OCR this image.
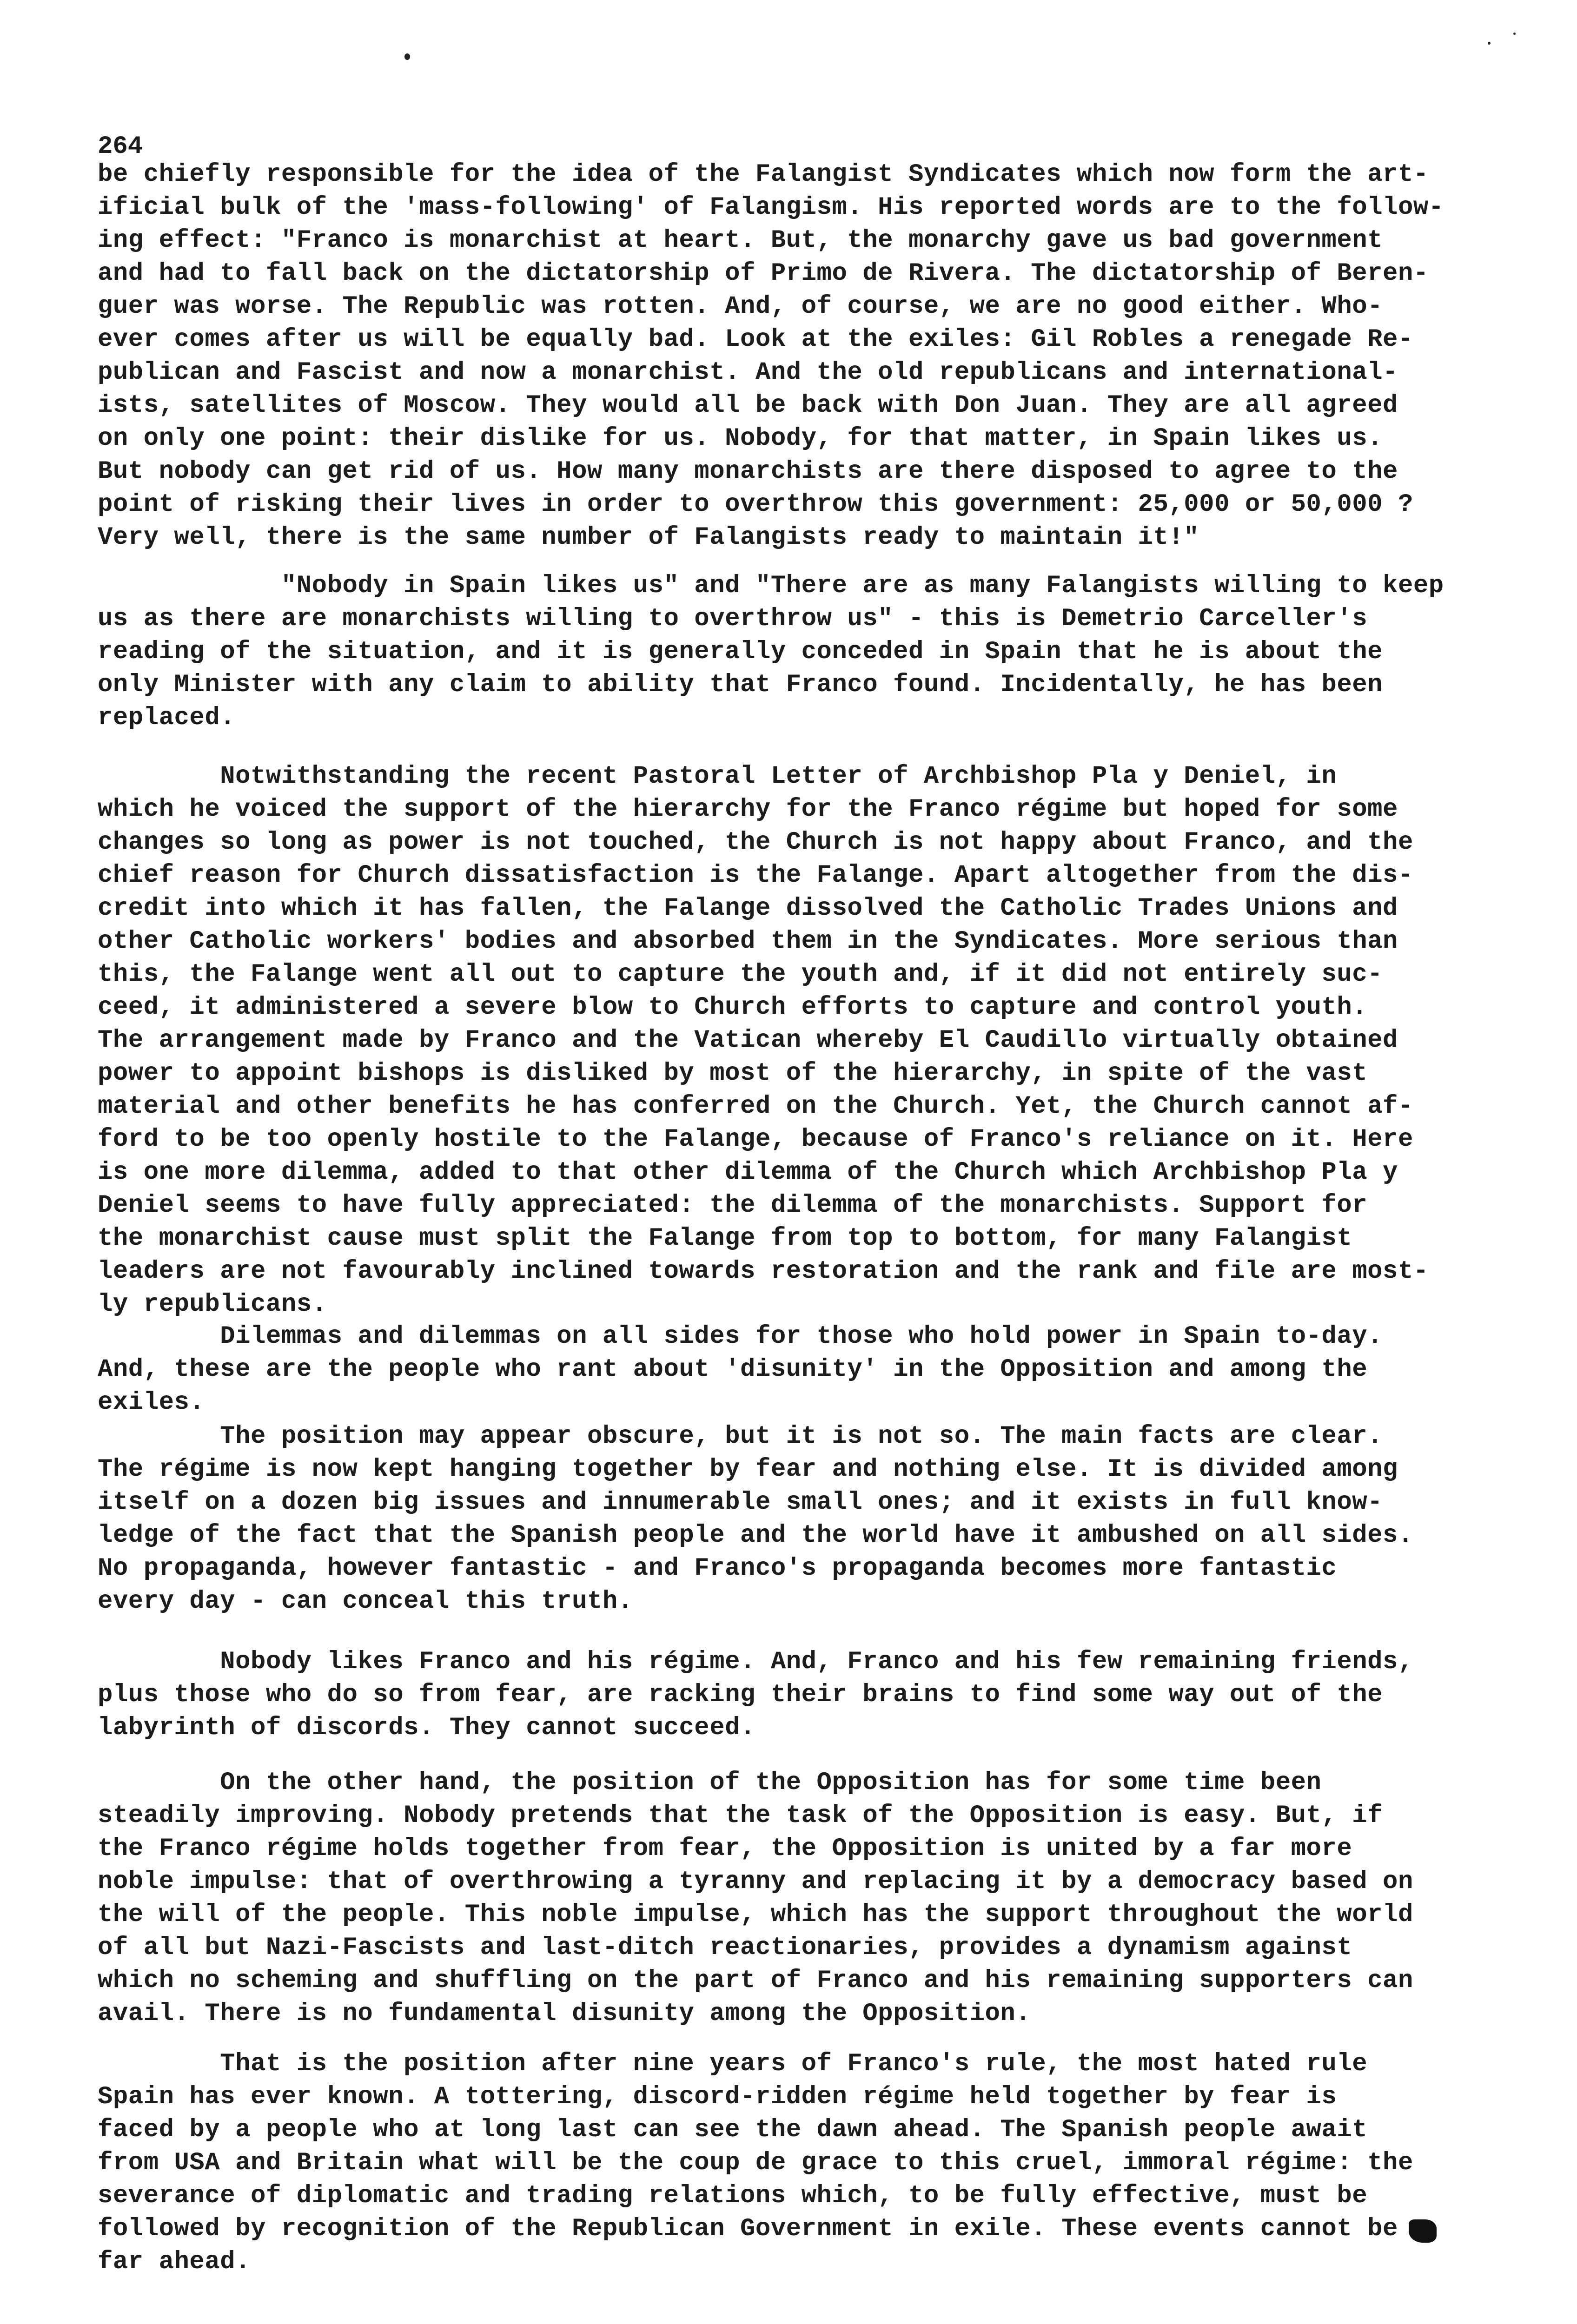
264
be chiefly responsible for the idea of the Falangist Syndicates which now form the art-
ificial bulk of the 'mass-following' of Falangism. His reported words are to the follow-
ing effect: "Franco is monarchist at heart. But, the monarchy gave us bad government
and had to fall back on the dictatorship of Primo de Rivera. The dictatorship of Beren-
guer was worse. The Republic was rotten. And, of course, we are no good either. Who-
ever comes after us will be equally bad. Look at the exiles: Gil Robles a renegade Re-
publican and Fascist and now a monarchist. And the old republicans and international-
ists, satellites of Moscow. They would all be back with Don Juan. They are all agreed
on only one point: their dislike for us. Nobody, for that matter, in Spain likes us.
But nobody can get rid of us. How many monarchists are there disposed to agree to the
point of risking their lives in order to overthrow this government: 25,000 or 50,000 ?
Very well, there is the same number of Falangists ready to maintain it!"
"Nobody in Spain likes us" and "There are as many Falangists willing to keep
us as there are monarchists willing to overthrow us" - this is Demetrio Carceller's
reading of the situation, and it is generally conceded in Spain that he is about the
only Minister with any claim to ability that Franco found. Incidentally, he has been
replaced.
Notwithstanding the recent Pastoral Letter of Archbishop Pla y Deniel, in
which he voiced the support of the hierarchy for the Franco régime but hoped for some
changes so long as power is not touched, the Church is not happy about Franco, and the
chief reason for Church dissatisfaction is the Falange. Apart altogether from the dis-
credit into which it has fallen, the Falange dissolved the Catholic Trades Unions and
other Catholic workers' bodies and absorbed them in the Syndicates. More serious than
this, the Falange went all out to capture the youth and, if it did not entirely suc-
ceed, it administered a severe blow to Church efforts to capture and control youth.
The arrangement made by Franco and the Vatican whereby El Caudillo virtually obtained
power to appoint bishops is disliked by most of the hierarchy, in spite of the vast
material and other benefits he has conferred on the Church. Yet, the Church cannot af-
ford to be too openly hostile to the Falange, because of Franco's reliance on it. Here
is one more dilemma, added to that other dilemma of the Church which Archbishop Pla y
Deniel seems to have fully appreciated: the dilemma of the monarchists. Support for
the monarchist cause must split the Falange from top to bottom, for many Falangist
leaders are not favourably inclined towards restoration and the rank and file are most-
ly republicans.
Dilemmas and dilemmas on all sides for those who hold power in Spain to-day.
And, these are the people who rant about 'disunity' in the Opposition and among the
exiles.
The position may appear obscure, but it is not so. The main facts are clear.
The régime is now kept hanging together by fear and nothing else. It is divided among
itself on a dozen big issues and innumerable small ones; and it exists in full know-
ledge of the fact that the Spanish people and the world have it ambushed on all sides.
No propaganda, however fantastic - and Franco's propaganda becomes more fantastic
every day - can conceal this truth.
Nobody likes Franco and his régime. And, Franco and his few remaining friends,
plus those who do so from fear, are racking their brains to find some way out of the
labyrinth of discords. They cannot succeed.
On the other hand, the position of the Opposition has for some time been
steadily improving. Nobody pretends that the task of the Opposition is easy. But, if
the Franco régime holds together from fear, the Opposition is united by a far more
noble impulse: that of overthrowing a tyranny and replacing it by a democracy based on
the will of the people. This noble impulse, which has the support throughout the world
of all but Nazi-Fascists and last-ditch reactionaries, provides a dynamism against
which no scheming and shuffling on the part of Franco and his remaining supporters can
avail. There is no fundamental disunity among the Opposition.
That is the position after nine years of Franco's rule, the most hated rule
Spain has ever known. A tottering, discord-ridden régime held together by fear is
faced by a people who at long last can see the dawn ahead. The Spanish people await
from USA and Britain what will be the coup de grace to this cruel, immoral régime: the
severance of diplomatic and trading relations which, to be fully effective, must be
followed by recognition of the Republican Government in exile. These events cannot be
far ahead.
